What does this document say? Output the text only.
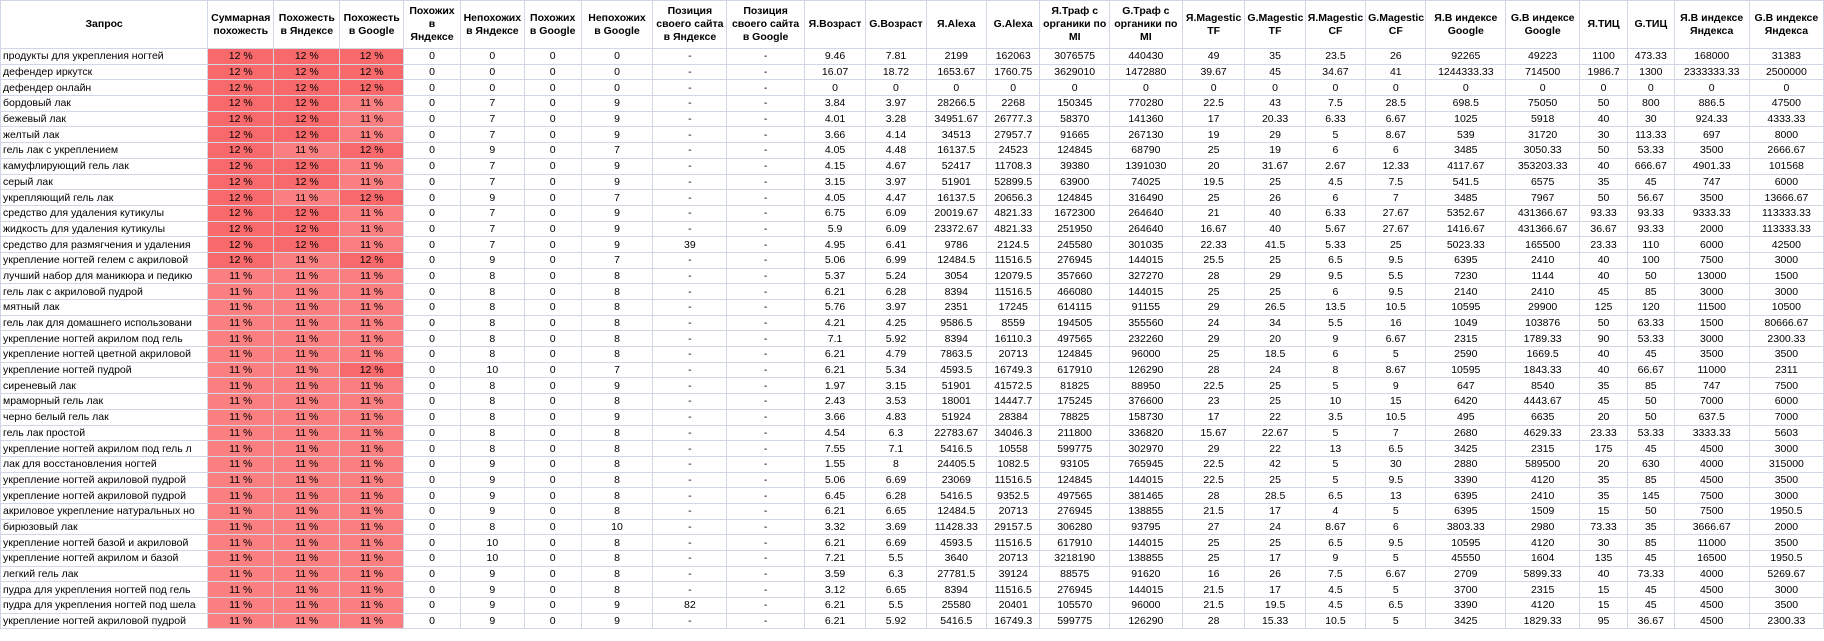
Запрос	Суммарная похожесть	Похожесть в Яндексе	Похожесть в Google	Похожих в Яндексе	Непохожих в Яндексе	Похожих в Google	Непохожих в Google	Позиция своего сайта в Яндексе	Позиция своего сайта в Google	Я.Возраст	G.Возраст	Я.Alexa	G.Alexa	Я.Траф с органики по MI	G.Траф с органики по MI	Я.Magestic TF	G.Magestic TF	Я.Magestic CF	G.Magestic CF	Я.В индексе Google	G.В индексе Google	Я.ТИЦ	G.ТИЦ	Я.В индексе Яндекса	G.В индексе Яндекса
продукты для укрепления ногтей	12 %	12 %	12 %	0	0	0	0	-	-	9.46	7.81	2199	162063	3076575	440430	49	35	23.5	26	92265	49223	1100	473.33	168000	31383
дефендер иркутск	12 %	12 %	12 %	0	0	0	0	-	-	16.07	18.72	1653.67	1760.75	3629010	1472880	39.67	45	34.67	41	1244333.33	714500	1986.7	1300	2333333.33	2500000
дефендер онлайн	12 %	12 %	12 %	0	0	0	0	-	-	0	0	0	0	0	0	0	0	0	0	0	0	0	0	0	0
бордовый лак	12 %	12 %	11 %	0	7	0	9	-	-	3.84	3.97	28266.5	2268	150345	770280	22.5	43	7.5	28.5	698.5	75050	50	800	886.5	47500
бежевый лак	12 %	12 %	11 %	0	7	0	9	-	-	4.01	3.28	34951.67	26777.3	58370	141360	17	20.33	6.33	6.67	1025	5918	40	30	924.33	4333.33
желтый лак	12 %	12 %	11 %	0	7	0	9	-	-	3.66	4.14	34513	27957.7	91665	267130	19	29	5	8.67	539	31720	30	113.33	697	8000
гель лак с укреплением	12 %	11 %	12 %	0	9	0	7	-	-	4.05	4.48	16137.5	24523	124845	68790	25	19	6	6	3485	3050.33	50	53.33	3500	2666.67
камуфлирующий гель лак	12 %	12 %	11 %	0	7	0	9	-	-	4.15	4.67	52417	11708.3	39380	1391030	20	31.67	2.67	12.33	4117.67	353203.33	40	666.67	4901.33	101568
серый лак	12 %	12 %	11 %	0	7	0	9	-	-	3.15	3.97	51901	52899.5	63900	74025	19.5	25	4.5	7.5	541.5	6575	35	45	747	6000
укрепляющий гель лак	12 %	11 %	12 %	0	9	0	7	-	-	4.05	4.47	16137.5	20656.3	124845	316490	25	26	6	7	3485	7967	50	56.67	3500	13666.67
средство для удаления кутикулы	12 %	12 %	11 %	0	7	0	9	-	-	6.75	6.09	20019.67	4821.33	1672300	264640	21	40	6.33	27.67	5352.67	431366.67	93.33	93.33	9333.33	113333.33
жидкость для удаления кутикулы	12 %	12 %	11 %	0	7	0	9	-	-	5.9	6.09	23372.67	4821.33	251950	264640	16.67	40	5.67	27.67	1416.67	431366.67	36.67	93.33	2000	113333.33
средство для размягчения и удаления	12 %	12 %	11 %	0	7	0	9	39	-	4.95	6.41	9786	2124.5	245580	301035	22.33	41.5	5.33	25	5023.33	165500	23.33	110	6000	42500
укрепление ногтей гелем с акриловой	12 %	11 %	12 %	0	9	0	7	-	-	5.06	6.99	12484.5	11516.5	276945	144015	25.5	25	6.5	9.5	6395	2410	40	100	7500	3000
лучший набор для маникюра и педикю	11 %	11 %	11 %	0	8	0	8	-	-	5.37	5.24	3054	12079.5	357660	327270	28	29	9.5	5.5	7230	1144	40	50	13000	1500
гель лак с акриловой пудрой	11 %	11 %	11 %	0	8	0	8	-	-	6.21	6.28	8394	11516.5	466080	144015	25	25	6	9.5	2140	2410	45	85	3000	3000
мятный лак	11 %	11 %	11 %	0	8	0	8	-	-	5.76	3.97	2351	17245	614115	91155	29	26.5	13.5	10.5	10595	29900	125	120	11500	10500
гель лак для домашнего использовани	11 %	11 %	11 %	0	8	0	8	-	-	4.21	4.25	9586.5	8559	194505	355560	24	34	5.5	16	1049	103876	50	63.33	1500	80666.67
укрепление ногтей акрилом под гель	11 %	11 %	11 %	0	8	0	8	-	-	7.1	5.92	8394	16110.3	497565	232260	29	20	9	6.67	2315	1789.33	90	53.33	3000	2300.33
укрепление ногтей цветной акриловой	11 %	11 %	11 %	0	8	0	8	-	-	6.21	4.79	7863.5	20713	124845	96000	25	18.5	6	5	2590	1669.5	40	45	3500	3500
укрепление ногтей пудрой	11 %	11 %	12 %	0	10	0	7	-	-	6.21	5.34	4593.5	16749.3	617910	126290	28	24	8	8.67	10595	1843.33	40	66.67	11000	2311
сиреневый лак	11 %	11 %	11 %	0	8	0	9	-	-	1.97	3.15	51901	41572.5	81825	88950	22.5	25	5	9	647	8540	35	85	747	7500
мраморный гель лак	11 %	11 %	11 %	0	8	0	8	-	-	2.43	3.53	18001	14447.7	175245	376600	23	25	10	15	6420	4443.67	45	50	7000	6000
черно белый гель лак	11 %	11 %	11 %	0	8	0	9	-	-	3.66	4.83	51924	28384	78825	158730	17	22	3.5	10.5	495	6635	20	50	637.5	7000
гель лак простой	11 %	11 %	11 %	0	8	0	8	-	-	4.54	6.3	22783.67	34046.3	211800	336820	15.67	22.67	5	7	2680	4629.33	23.33	53.33	3333.33	5603
укрепление ногтей акрилом под гель л	11 %	11 %	11 %	0	8	0	8	-	-	7.55	7.1	5416.5	10558	599775	302970	29	22	13	6.5	3425	2315	175	45	4500	3000
лак для восстановления ногтей	11 %	11 %	11 %	0	9	0	8	-	-	1.55	8	24405.5	1082.5	93105	765945	22.5	42	5	30	2880	589500	20	630	4000	315000
укрепление ногтей акриловой пудрой	11 %	11 %	11 %	0	9	0	8	-	-	5.06	6.69	23069	11516.5	124845	144015	22.5	25	5	9.5	3390	4120	35	85	4500	3500
укрепление ногтей акриловой пудрой	11 %	11 %	11 %	0	9	0	8	-	-	6.45	6.28	5416.5	9352.5	497565	381465	28	28.5	6.5	13	6395	2410	35	145	7500	3000
акриловое укрепление натуральных но	11 %	11 %	11 %	0	9	0	8	-	-	6.21	6.65	12484.5	20713	276945	138855	21.5	17	4	5	6395	1509	15	50	7500	1950.5
бирюзовый лак	11 %	11 %	11 %	0	8	0	10	-	-	3.32	3.69	11428.33	29157.5	306280	93795	27	24	8.67	6	3803.33	2980	73.33	35	3666.67	2000
укрепление ногтей базой и акриловой	11 %	11 %	11 %	0	10	0	8	-	-	6.21	6.69	4593.5	11516.5	617910	144015	25	25	6.5	9.5	10595	4120	30	85	11000	3500
укрепление ногтей акрилом и базой	11 %	11 %	11 %	0	10	0	8	-	-	7.21	5.5	3640	20713	3218190	138855	25	17	9	5	45550	1604	135	45	16500	1950.5
легкий гель лак	11 %	11 %	11 %	0	9	0	8	-	-	3.59	6.3	27781.5	39124	88575	91620	16	26	7.5	6.67	2709	5899.33	40	73.33	4000	5269.67
пудра для укрепления ногтей под гель	11 %	11 %	11 %	0	9	0	8	-	-	3.12	6.65	8394	11516.5	276945	144015	21.5	17	4.5	5	3700	2315	15	45	4500	3000
пудра для укрепления ногтей под шела	11 %	11 %	11 %	0	9	0	9	82	-	6.21	5.5	25580	20401	105570	96000	21.5	19.5	4.5	6.5	3390	4120	15	45	4500	3500
укрепление ногтей акриловой пудрой	11 %	11 %	11 %	0	9	0	9	-	-	6.21	5.92	5416.5	16749.3	599775	126290	28	15.33	10.5	5	3425	1829.33	95	36.67	4500	2300.33
